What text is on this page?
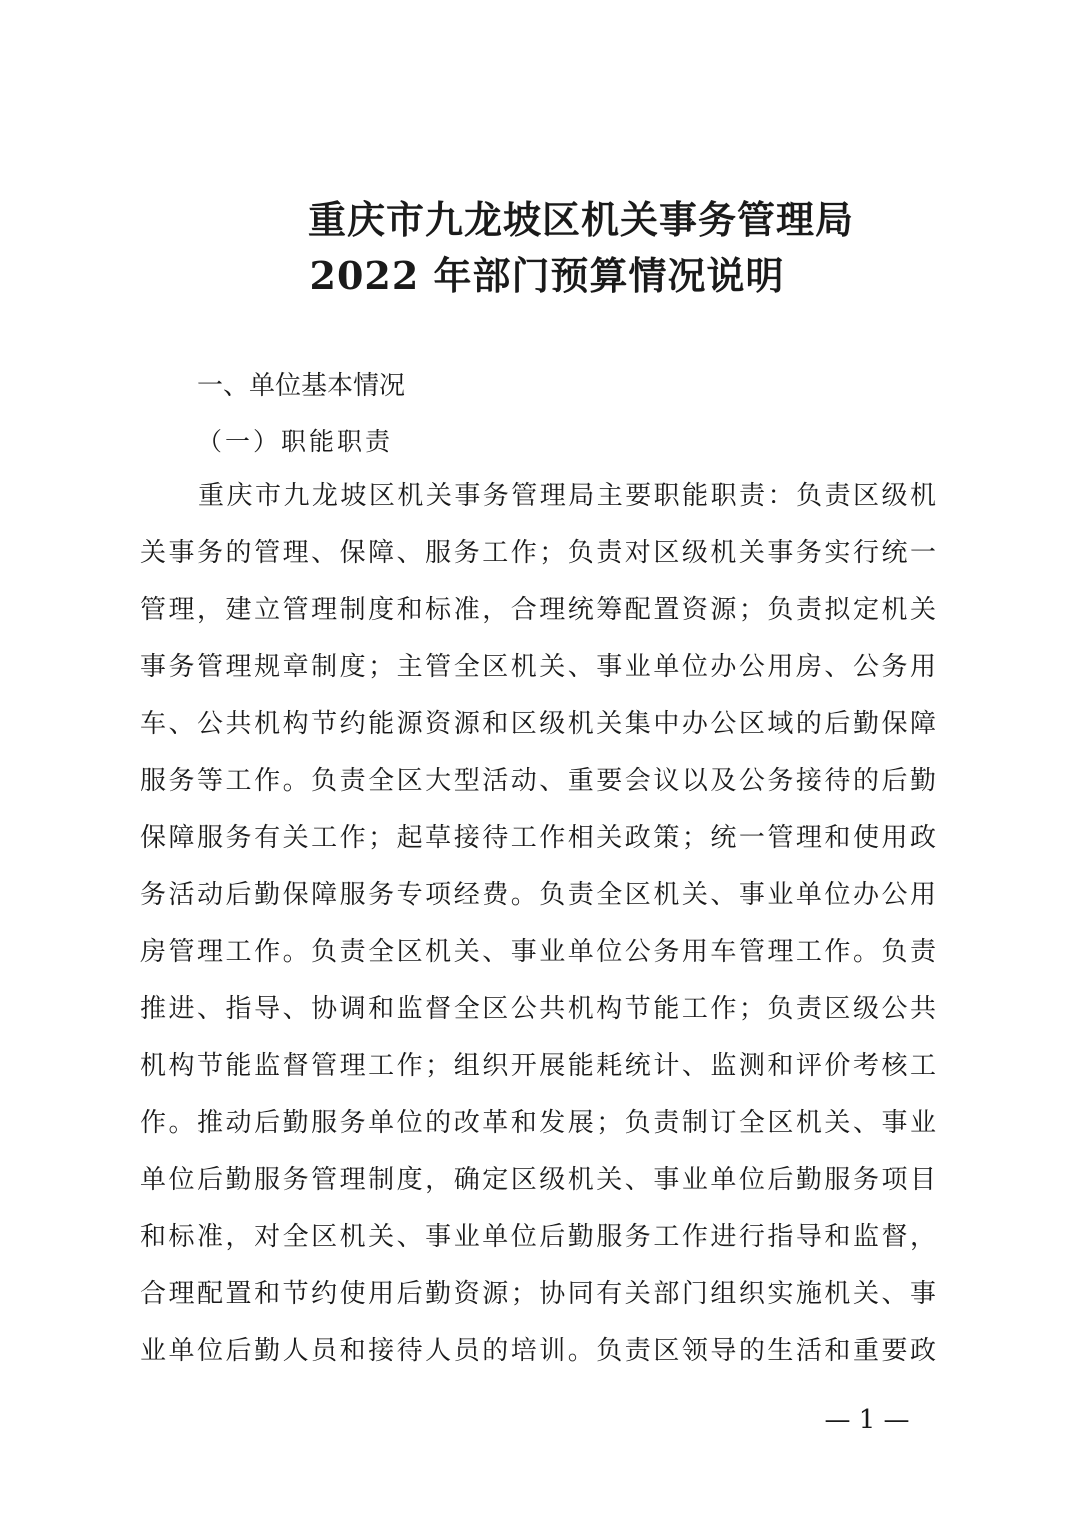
重庆市九龙坡区机关事务管理局
2022 年部门预算情况说明
一、单位基本情况
（一）职能职责
重庆市九龙坡区机关事务管理局主要职能职责：负责区级机
关事务的管理、保障、服务工作；负责对区级机关事务实行统一
管理，建立管理制度和标准，合理统筹配置资源；负责拟定机关
事务管理规章制度；主管全区机关、事业单位办公用房、公务用
车、公共机构节约能源资源和区级机关集中办公区域的后勤保障
服务等工作。负责全区大型活动、重要会议以及公务接待的后勤
保障服务有关工作；起草接待工作相关政策；统一管理和使用政
务活动后勤保障服务专项经费。负责全区机关、事业单位办公用
房管理工作。负责全区机关、事业单位公务用车管理工作。负责
推进、指导、协调和监督全区公共机构节能工作；负责区级公共
机构节能监督管理工作；组织开展能耗统计、监测和评价考核工
作。推动后勤服务单位的改革和发展；负责制订全区机关、事业
单位后勤服务管理制度，确定区级机关、事业单位后勤服务项目
和标准，对全区机关、事业单位后勤服务工作进行指导和监督，
合理配置和节约使用后勤资源；协同有关部门组织实施机关、事
业单位后勤人员和接待人员的培训。负责区领导的生活和重要政
— 1 —
